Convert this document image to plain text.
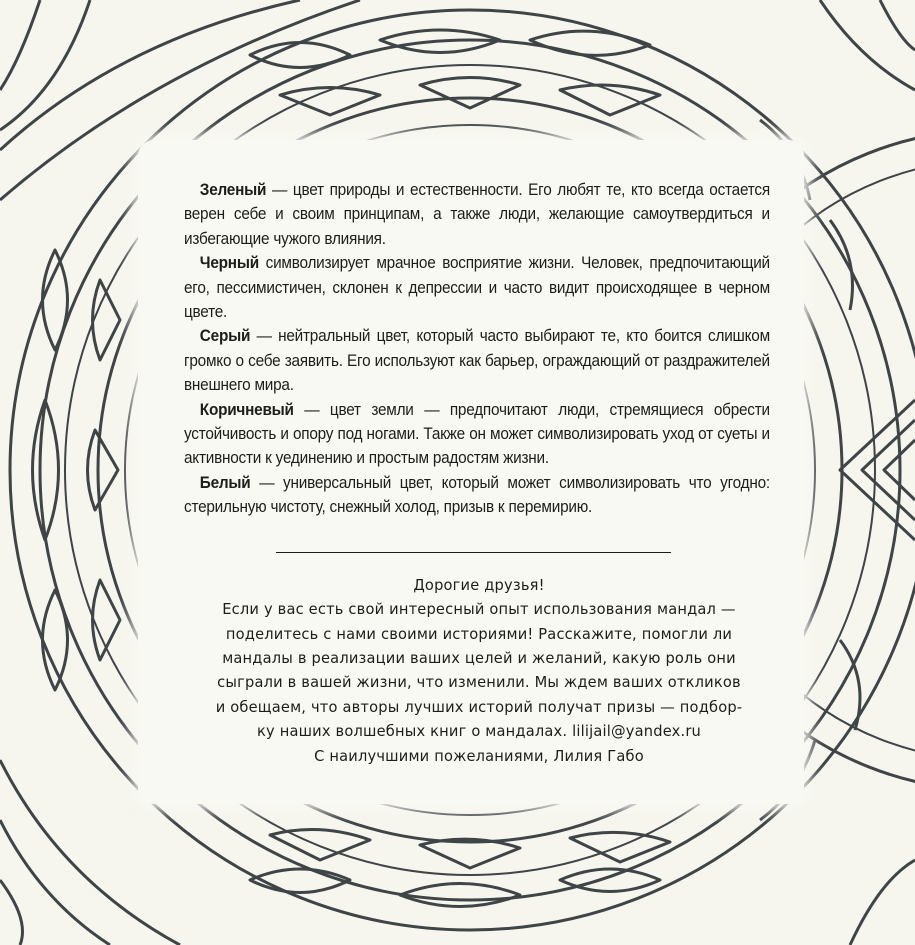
Зеленый — цвет природы и естественности. Его любят те, кто всегда остается верен себе и своим принципам, а также люди, желающие самоутвердиться и избегающие чужого влияния.

Черный символизирует мрачное восприятие жизни. Человек, предпочитающий его, пессимистичен, склонен к депрессии и часто видит происходящее в черном цвете.

Серый — нейтральный цвет, который часто выбирают те, кто боится слишком громко о себе заявить. Его используют как барьер, ограждающий от раздражителей внешнего мира.

Коричневый — цвет земли — предпочитают люди, стремящиеся обрести устойчивость и опору под ногами. Также он может символизировать уход от суеты и активности к уединению и простым радостям жизни.

Белый — универсальный цвет, который может символизировать что угодно: стерильную чистоту, снежный холод, призыв к перемирию.

Дорогие друзья!
Если у вас есть свой интересный опыт использования мандал —
поделитесь с нами своими историями! Расскажите, помогли ли
мандалы в реализации ваших целей и желаний, какую роль они
сыграли в вашей жизни, что изменили. Мы ждем ваших откликов
и обещаем, что авторы лучших историй получат призы — подбор-
ку наших волшебных книг о мандалах. lilijail@yandex.ru
С наилучшими пожеланиями, Лилия Габо
